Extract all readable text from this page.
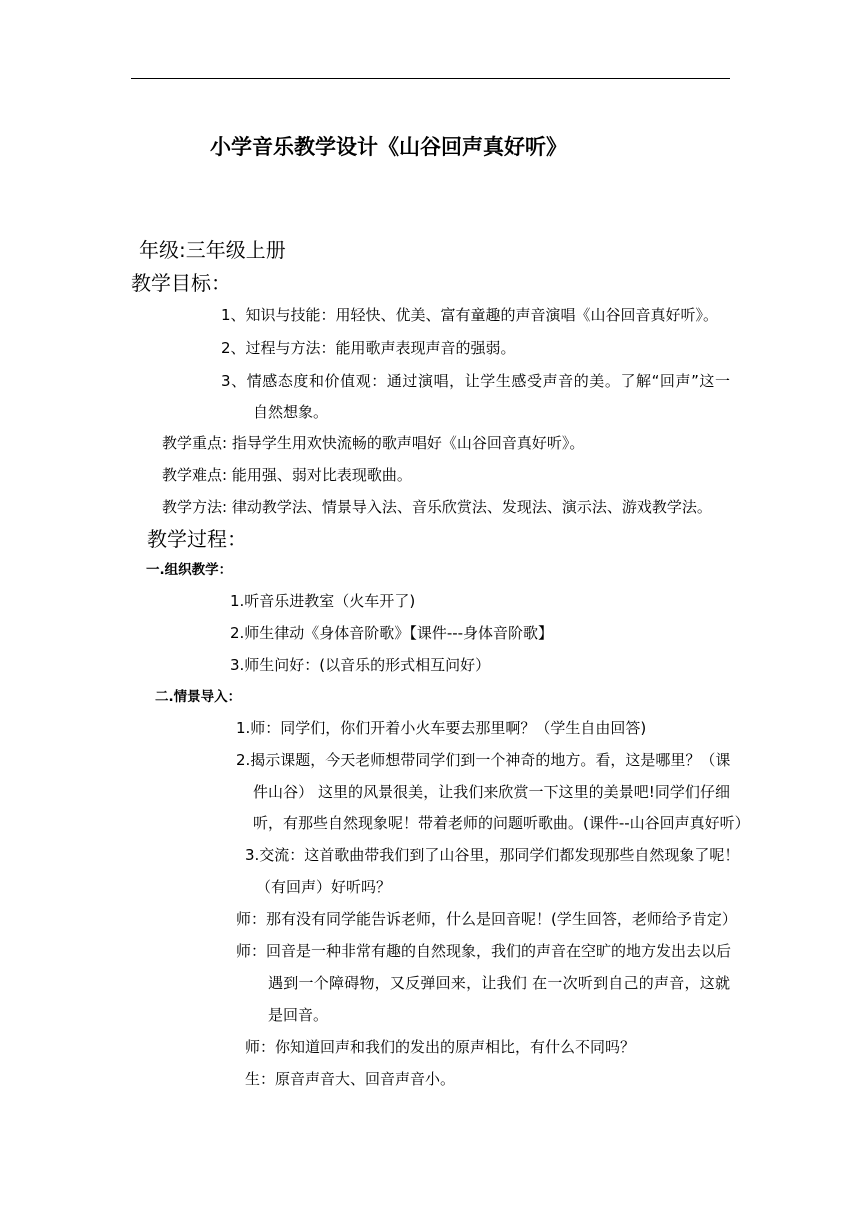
小学音乐教学设计《山谷回声真好听》
年级:三年级上册
教学目标：
1、知识与技能：用轻快、优美、富有童趣的声音演唱《山谷回音真好听》。
2、过程与方法：能用歌声表现声音的强弱。
3、情感态度和价值观：通过演唱，让学生感受声音的美。了解“回声”这一
自然想象。
教学重点: 指导学生用欢快流畅的歌声唱好《山谷回音真好听》。
教学难点: 能用强、弱对比表现歌曲。
教学方法: 律动教学法、情景导入法、音乐欣赏法、发现法、演示法、游戏教学法。
教学过程：
一.组织教学：
1.听音乐进教室（火车开了)
2.师生律动《身体音阶歌》【课件---身体音阶歌】
3.师生问好：(以音乐的形式相互问好）
二.情景导入：
1.师：同学们，你们开着小火车要去那里啊？（学生自由回答)
2.揭示课题，今天老师想带同学们到一个神奇的地方。看，这是哪里？（课
件山谷） 这里的风景很美，让我们来欣赏一下这里的美景吧!同学们仔细
听，有那些自然现象呢！带着老师的问题听歌曲。(课件--山谷回声真好听）
3.交流：这首歌曲带我们到了山谷里，那同学们都发现那些自然现象了呢！
（有回声）好听吗？
师：那有没有同学能告诉老师，什么是回音呢！(学生回答，老师给予肯定）
师：回音是一种非常有趣的自然现象，我们的声音在空旷的地方发出去以后
遇到一个障碍物，又反弹回来，让我们 在一次听到自己的声音，这就
是回音。
师：你知道回声和我们的发出的原声相比，有什么不同吗？
生：原音声音大、回音声音小。
